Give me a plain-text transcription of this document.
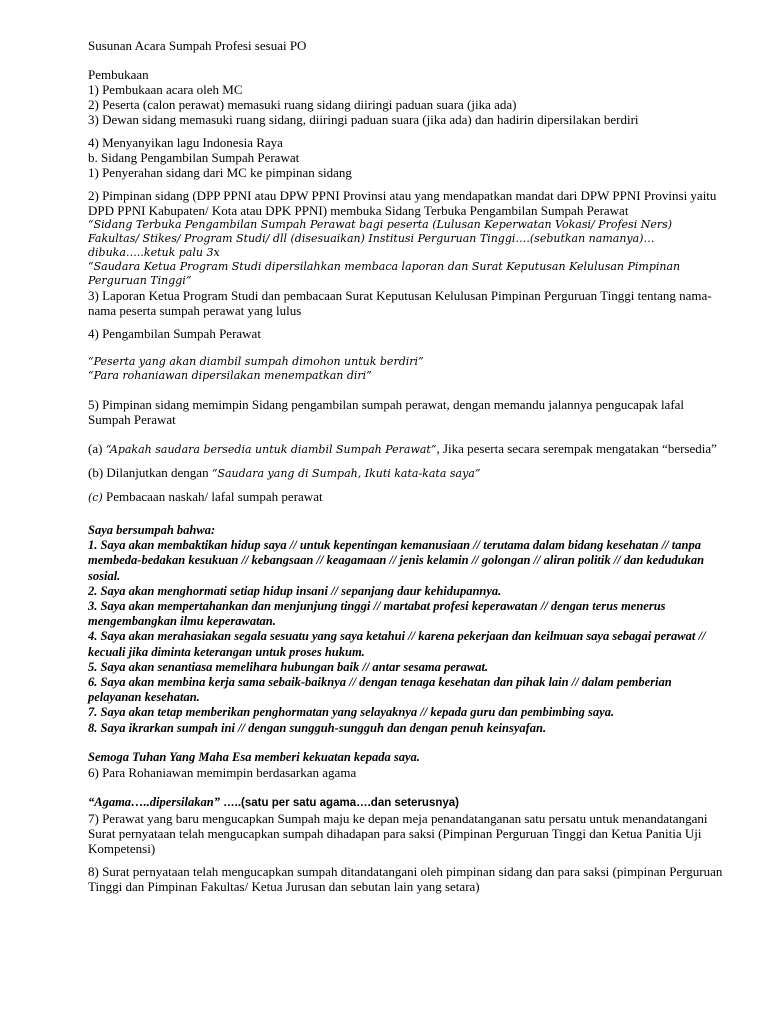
Susunan Acara Sumpah Profesi sesuai PO
Pembukaan
1) Pembukaan acara oleh MC
2) Peserta (calon perawat) memasuki ruang sidang diiringi paduan suara (jika ada)
3) Dewan sidang memasuki ruang sidang, diiringi paduan suara (jika ada) dan hadirin dipersilakan berdiri
4) Menyanyikan lagu Indonesia Raya
b. Sidang Pengambilan Sumpah Perawat
1) Penyerahan sidang dari MC ke pimpinan sidang
2) Pimpinan sidang (DPP PPNI atau DPW PPNI Provinsi atau yang mendapatkan mandat dari DPW PPNI Provinsi yaitu DPD PPNI Kabupaten/ Kota atau DPK PPNI) membuka Sidang Terbuka Pengambilan Sumpah Perawat
“Sidang Terbuka Pengambilan Sumpah Perawat bagi peserta (Lulusan Keperwatan Vokasi/ Profesi Ners)
Fakultas/ Stikes/ Program Studi/ dll (disesuaikan) Institusi Perguruan Tinggi….(sebutkan namanya)…dibuka…..ketuk palu 3x
“Saudara Ketua Program Studi dipersilahkan membaca laporan dan Surat Keputusan Kelulusan Pimpinan Perguruan Tinggi”
3) Laporan Ketua Program Studi dan pembacaan Surat Keputusan Kelulusan Pimpinan Perguruan Tinggi tentang nama-nama peserta sumpah perawat yang lulus
4) Pengambilan Sumpah Perawat
“Peserta yang akan diambil sumpah dimohon untuk berdiri”
“Para rohaniawan dipersilakan menempatkan diri”
5) Pimpinan sidang memimpin Sidang pengambilan sumpah perawat, dengan memandu jalannya pengucapak lafal Sumpah Perawat
(a) “Apakah saudara bersedia untuk diambil Sumpah Perawat”, Jika peserta secara serempak mengatakan “bersedia”
(b) Dilanjutkan dengan “Saudara yang di Sumpah, Ikuti kata-kata saya”
(c) Pembacaan naskah/ lafal sumpah perawat
Saya bersumpah bahwa:
1. Saya akan membaktikan hidup saya // untuk kepentingan kemanusiaan // terutama dalam bidang kesehatan // tanpa membeda-bedakan kesukuan // kebangsaan // keagamaan // jenis kelamin // golongan // aliran politik // dan kedudukan sosial.
2. Saya akan menghormati setiap hidup insani // sepanjang daur kehidupannya.
3. Saya akan mempertahankan dan menjunjung tinggi // martabat profesi keperawatan // dengan terus menerus mengembangkan ilmu keperawatan.
4. Saya akan merahasiakan segala sesuatu yang saya ketahui // karena pekerjaan dan keilmuan saya sebagai perawat // kecuali jika diminta keterangan untuk proses hukum.
5. Saya akan senantiasa memelihara hubungan baik // antar sesama perawat.
6. Saya akan membina kerja sama sebaik-baiknya // dengan tenaga kesehatan dan pihak lain // dalam pemberian pelayanan kesehatan.
7. Saya akan tetap memberikan penghormatan yang selayaknya // kepada guru dan pembimbing saya.
8. Saya ikrarkan sumpah ini // dengan sungguh-sungguh dan dengan penuh keinsyafan.
Semoga Tuhan Yang Maha Esa memberi kekuatan kepada saya.
6) Para Rohaniawan memimpin berdasarkan agama
“Agama…..dipersilakan” …..(satu per satu agama….dan seterusnya)
7) Perawat yang baru mengucapkan Sumpah maju ke depan meja penandatanganan satu persatu untuk menandatangani Surat pernyataan telah mengucapkan sumpah dihadapan para saksi (Pimpinan Perguruan Tinggi dan Ketua Panitia Uji Kompetensi)
8) Surat pernyataan telah mengucapkan sumpah ditandatangani oleh pimpinan sidang dan para saksi (pimpinan Perguruan Tinggi dan Pimpinan Fakultas/ Ketua Jurusan dan sebutan lain yang setara)
